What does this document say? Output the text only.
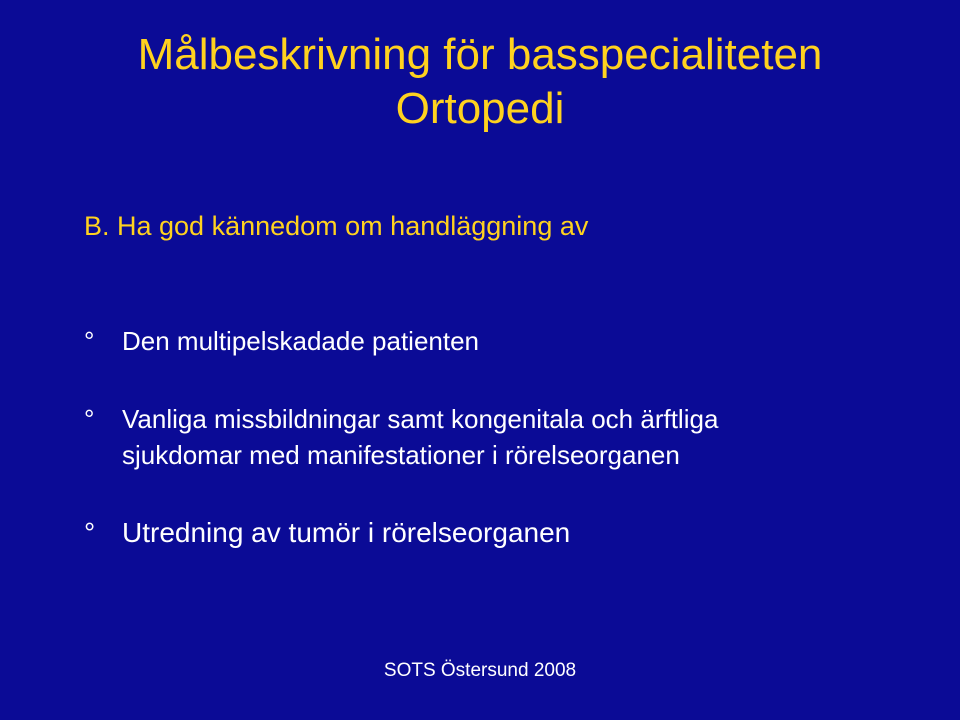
Målbeskrivning för basspecialiteten
Ortopedi
B. Ha god kännedom om handläggning av
°	Den multipelskadade patienten
°	Vanliga missbildningar samt kongenitala och ärftliga
sjukdomar med manifestationer i rörelseorganen
° Utredning av tumör i rörelseorganen
SOTS Östersund 2008
